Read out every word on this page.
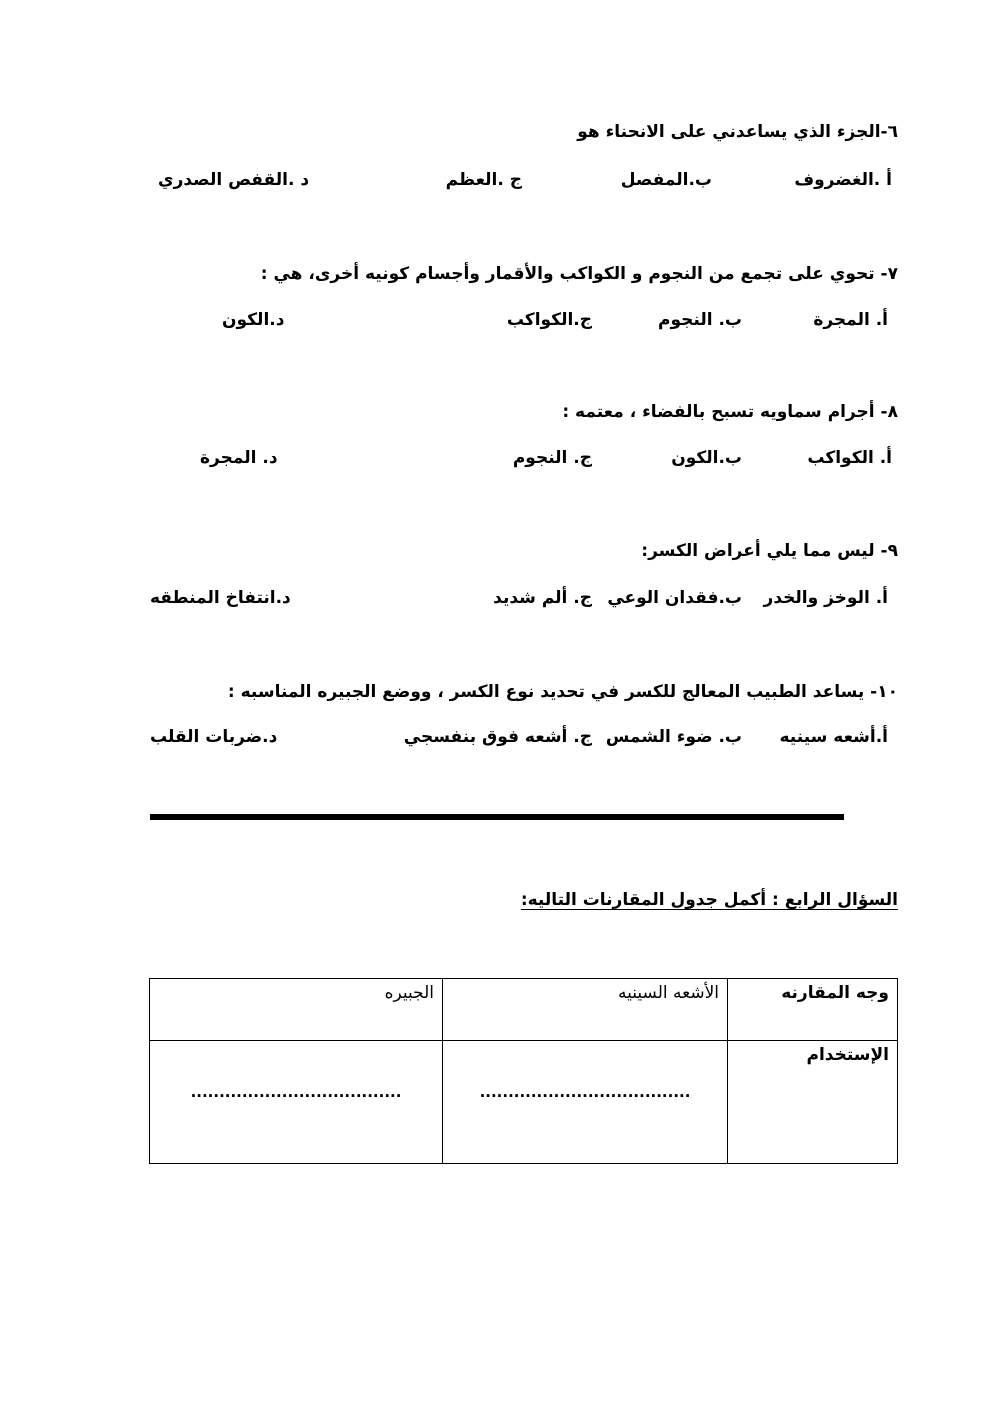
٦-الجزء الذي يساعدني على الانحناء هو
أ .الغضروف
ب.المفصل
ج .العظم
د .القفص الصدري
٧- تحوي على تجمع من النجوم و الكواكب والأقمار وأجسام كونيه أخرى، هي :
أ. المجرة
ب. النجوم
ج.الكواكب
د.الكون
٨- أجرام سماويه تسبح بالفضاء ، معتمه :
أ. الكواكب
ب.الكون
ج. النجوم
د. المجرة
٩- ليس مما يلي أعراض الكسر:
أ. الوخز والخدر
ب.فقدان الوعي
ج. ألم شديد
د.انتفاخ المنطقه
١٠- يساعد الطبيب المعالج للكسر في تحديد نوع الكسر ، ووضع الجبيره المناسبه :
أ.أشعه سينيه
ب. ضوء الشمس
ج. أشعه فوق بنفسجي
د.ضربات القلب
السؤال الرابع : أكمل جدول المقارنات التاليه:
وجه المقارنه	الأشعه السينيه	الجبيره
الإستخدام	.....................................	.....................................
